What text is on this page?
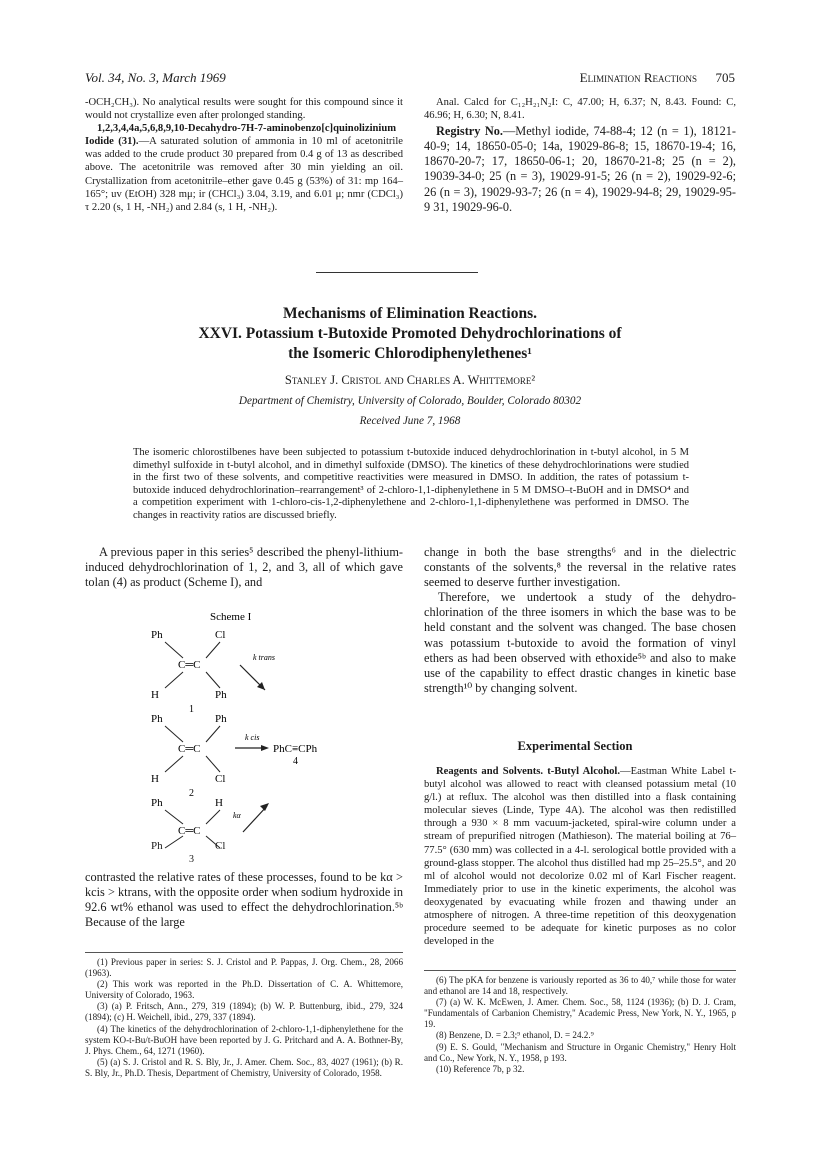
Vol. 34, No. 3, March 1969	Elimination Reactions 705

-OCH₂CH₃). No analytical results were sought for this compound since it would not crystallize even after prolonged standing.

1,2,3,4,4a,5,6,8,9,10-Decahydro-7H-7-aminobenzo[c]quinolizinium Iodide (31).—A saturated solution of ammonia in 10 ml of acetonitrile was added to the crude product 30 prepared from 0.4 g of 13 as described above. The acetonitrile was removed after 30 min yielding an oil. Crystallization from acetonitrile–ether gave 0.45 g (53%) of 31: mp 164–165°; uv (EtOH) 328 mμ; ir (CHCl₃) 3.04, 3.19, and 6.01 μ; nmr (CDCl₃) τ 2.20 (s, 1 H, -NH₂) and 2.84 (s, 1 H, -NH₂).

Anal. Calcd for C₁₂H₂₁N₂I: C, 47.00; H, 6.37; N, 8.43. Found: C, 46.96; H, 6.30; N, 8.41.

Registry No.—Methyl iodide, 74-88-4; 12 (n = 1), 18121-40-9; 14, 18650-05-0; 14a, 19029-86-8; 15, 18670-19-4; 16, 18670-20-7; 17, 18650-06-1; 20, 18670-21-8; 25 (n = 2), 19039-34-0; 25 (n = 3), 19029-91-5; 26 (n = 2), 19029-92-6; 26 (n = 3), 19029-93-7; 26 (n = 4), 19029-94-8; 29, 19029-95-9 31, 19029-96-0.

Mechanisms of Elimination Reactions.
XXVI. Potassium t-Butoxide Promoted Dehydrochlorinations of
the Isomeric Chlorodiphenylethenes¹
Stanley J. Cristol and Charles A. Whittemore²
Department of Chemistry, University of Colorado, Boulder, Colorado 80302
Received June 7, 1968

The isomeric chlorostilbenes have been subjected to potassium t-butoxide induced dehydrochlorination in t-butyl alcohol, in 5 M dimethyl sulfoxide in t-butyl alcohol, and in dimethyl sulfoxide (DMSO). The kinetics of these dehydrochlorinations were studied in the first two of these solvents, and competitive reactivities were measured in DMSO. In addition, the rates of potassium t-butoxide induced dehydrochlorination–rearrangement³ of 2-chloro-1,1-diphenylethene in 5 M DMSO–t-BuOH and in DMSO⁴ and a competition experiment with 1-chloro-cis-1,2-diphenylethene and 2-chloro-1,1-diphenylethene was performed in DMSO. The changes in reactivity ratios are discussed briefly.

A previous paper in this series⁵ described the phenyl-lithium-induced dehydrochlorination of 1, 2, and 3, all of which gave tolan (4) as product (Scheme I), and

Scheme I
Ph	Cl
C═C
H	Ph
1
k trans
Ph	Ph
C═C
H	Cl
2
k cis
PhC≡CPh
4
Ph	H
C═C
kα
Ph	Cl
3

contrasted the relative rates of these processes, found to be kα > kcis > ktrans, with the opposite order when sodium hydroxide in 92.6 wt% ethanol was used to effect the dehydrochlorination.⁵ᵇ Because of the large

(1) Previous paper in series: S. J. Cristol and P. Pappas, J. Org. Chem., 28, 2066 (1963).

(2) This work was reported in the Ph.D. Dissertation of C. A. Whittemore, University of Colorado, 1963.

(3) (a) P. Fritsch, Ann., 279, 319 (1894); (b) W. P. Buttenburg, ibid., 279, 324 (1894); (c) H. Weichell, ibid., 279, 337 (1894).

(4) The kinetics of the dehydrochlorination of 2-chloro-1,1-diphenylethene for the system KO-t-Bu/t-BuOH have been reported by J. G. Pritchard and A. A. Bothner-By, J. Phys. Chem., 64, 1271 (1960).

(5) (a) S. J. Cristol and R. S. Bly, Jr., J. Amer. Chem. Soc., 83, 4027 (1961); (b) R. S. Bly, Jr., Ph.D. Thesis, Department of Chemistry, University of Colorado, 1958.

change in both the base strengths⁶ and in the dielectric constants of the solvents,⁸ the reversal in the relative rates seemed to deserve further investigation.

Therefore, we undertook a study of the dehydro-chlorination of the three isomers in which the base was to be held constant and the solvent was changed. The base chosen was potassium t-butoxide to avoid the formation of vinyl ethers as had been observed with ethoxide⁵ᵇ and also to make use of the capability to effect drastic changes in kinetic base strength¹⁰ by changing solvent.

Experimental Section

Reagents and Solvents. t-Butyl Alcohol.—Eastman White Label t-butyl alcohol was allowed to react with cleansed potassium metal (10 g/l.) at reflux. The alcohol was then distilled into a flask containing molecular sieves (Linde, Type 4A). The alcohol was then redistilled through a 930 × 8 mm vacuum-jacketed, spiral-wire column under a stream of prepurified nitrogen (Mathieson). The material boiling at 76–77.5° (630 mm) was collected in a 4-l. serological bottle provided with a ground-glass stopper. The alcohol thus distilled had mp 25–25.5°, and 20 ml of alcohol would not decolorize 0.02 ml of Karl Fischer reagent. Immediately prior to use in the kinetic experiments, the alcohol was deoxygenated by evacuating while frozen and thawing under an atmosphere of nitrogen. A three-time repetition of this deoxygenation procedure seemed to be adequate for kinetic purposes as no color developed in the

(6) The pKA for benzene is variously reported as 36 to 40,⁷ while those for water and ethanol are 14 and 18, respectively.

(7) (a) W. K. McEwen, J. Amer. Chem. Soc., 58, 1124 (1936); (b) D. J. Cram, "Fundamentals of Carbanion Chemistry," Academic Press, New York, N. Y., 1965, p 19.

(8) Benzene, D. = 2.3;⁹ ethanol, D. = 24.2.⁹

(9) E. S. Gould, "Mechanism and Structure in Organic Chemistry," Henry Holt and Co., New York, N. Y., 1958, p 193.

(10) Reference 7b, p 32.
